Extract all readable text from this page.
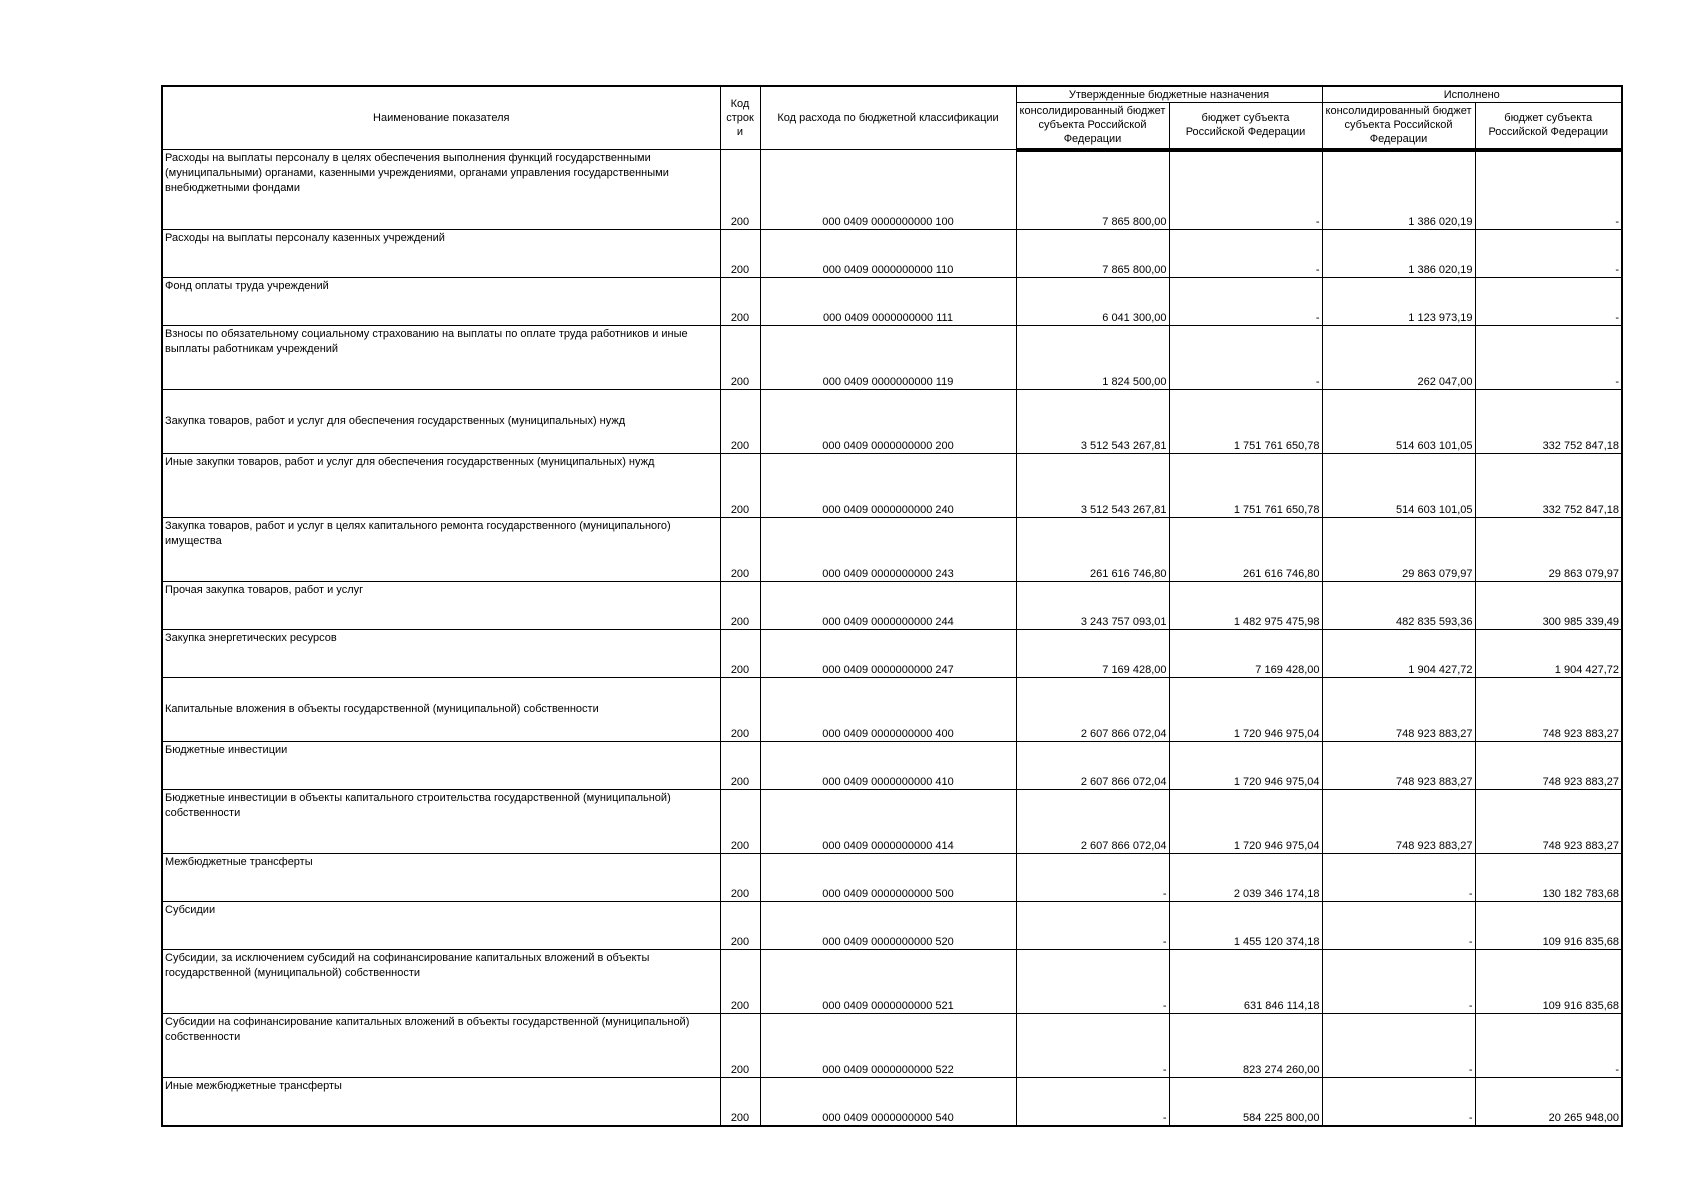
Наименование показателя	Код строк и	Код расхода по бюджетной классификации	Утвержденные бюджетные назначения		Исполнено	
			консолидированный бюджет субъекта Российской Федерации	бюджет субъекта Российской Федерации	консолидированный бюджет субъекта Российской Федерации	бюджет субъекта Российской Федерации
Расходы на выплаты персоналу в целях обеспечения выполнения функций государственными (муниципальными) органами, казенными учреждениями, органами управления государственными внебюджетными фондами	200	000 0409 0000000000 100	7 865 800,00	-	1 386 020,19	-
Расходы на выплаты персоналу казенных учреждений	200	000 0409 0000000000 110	7 865 800,00	-	1 386 020,19	-
Фонд оплаты труда учреждений	200	000 0409 0000000000 111	6 041 300,00	-	1 123 973,19	-
Взносы по обязательному социальному страхованию на выплаты по оплате труда работников и иные выплаты работникам учреждений	200	000 0409 0000000000 119	1 824 500,00	-	262 047,00	-
Закупка товаров, работ и услуг для обеспечения государственных (муниципальных) нужд	200	000 0409 0000000000 200	3 512 543 267,81	1 751 761 650,78	514 603 101,05	332 752 847,18
Иные закупки товаров, работ и услуг для обеспечения государственных (муниципальных) нужд	200	000 0409 0000000000 240	3 512 543 267,81	1 751 761 650,78	514 603 101,05	332 752 847,18
Закупка товаров, работ и услуг в целях капитального ремонта государственного (муниципального) имущества	200	000 0409 0000000000 243	261 616 746,80	261 616 746,80	29 863 079,97	29 863 079,97
Прочая закупка товаров, работ и услуг	200	000 0409 0000000000 244	3 243 757 093,01	1 482 975 475,98	482 835 593,36	300 985 339,49
Закупка энергетических ресурсов	200	000 0409 0000000000 247	7 169 428,00	7 169 428,00	1 904 427,72	1 904 427,72
Капитальные вложения в объекты государственной (муниципальной) собственности	200	000 0409 0000000000 400	2 607 866 072,04	1 720 946 975,04	748 923 883,27	748 923 883,27
Бюджетные инвестиции	200	000 0409 0000000000 410	2 607 866 072,04	1 720 946 975,04	748 923 883,27	748 923 883,27
Бюджетные инвестиции в объекты капитального строительства государственной (муниципальной) собственности	200	000 0409 0000000000 414	2 607 866 072,04	1 720 946 975,04	748 923 883,27	748 923 883,27
Межбюджетные трансферты	200	000 0409 0000000000 500	-	2 039 346 174,18	-	130 182 783,68
Субсидии	200	000 0409 0000000000 520	-	1 455 120 374,18	-	109 916 835,68
Субсидии, за исключением субсидий на софинансирование капитальных вложений в объекты государственной (муниципальной) собственности	200	000 0409 0000000000 521	-	631 846 114,18	-	109 916 835,68
Субсидии на софинансирование капитальных вложений в объекты государственной (муниципальной) собственности	200	000 0409 0000000000 522	-	823 274 260,00	-	-
Иные межбюджетные трансферты	200	000 0409 0000000000 540	-	584 225 800,00	-	20 265 948,00
